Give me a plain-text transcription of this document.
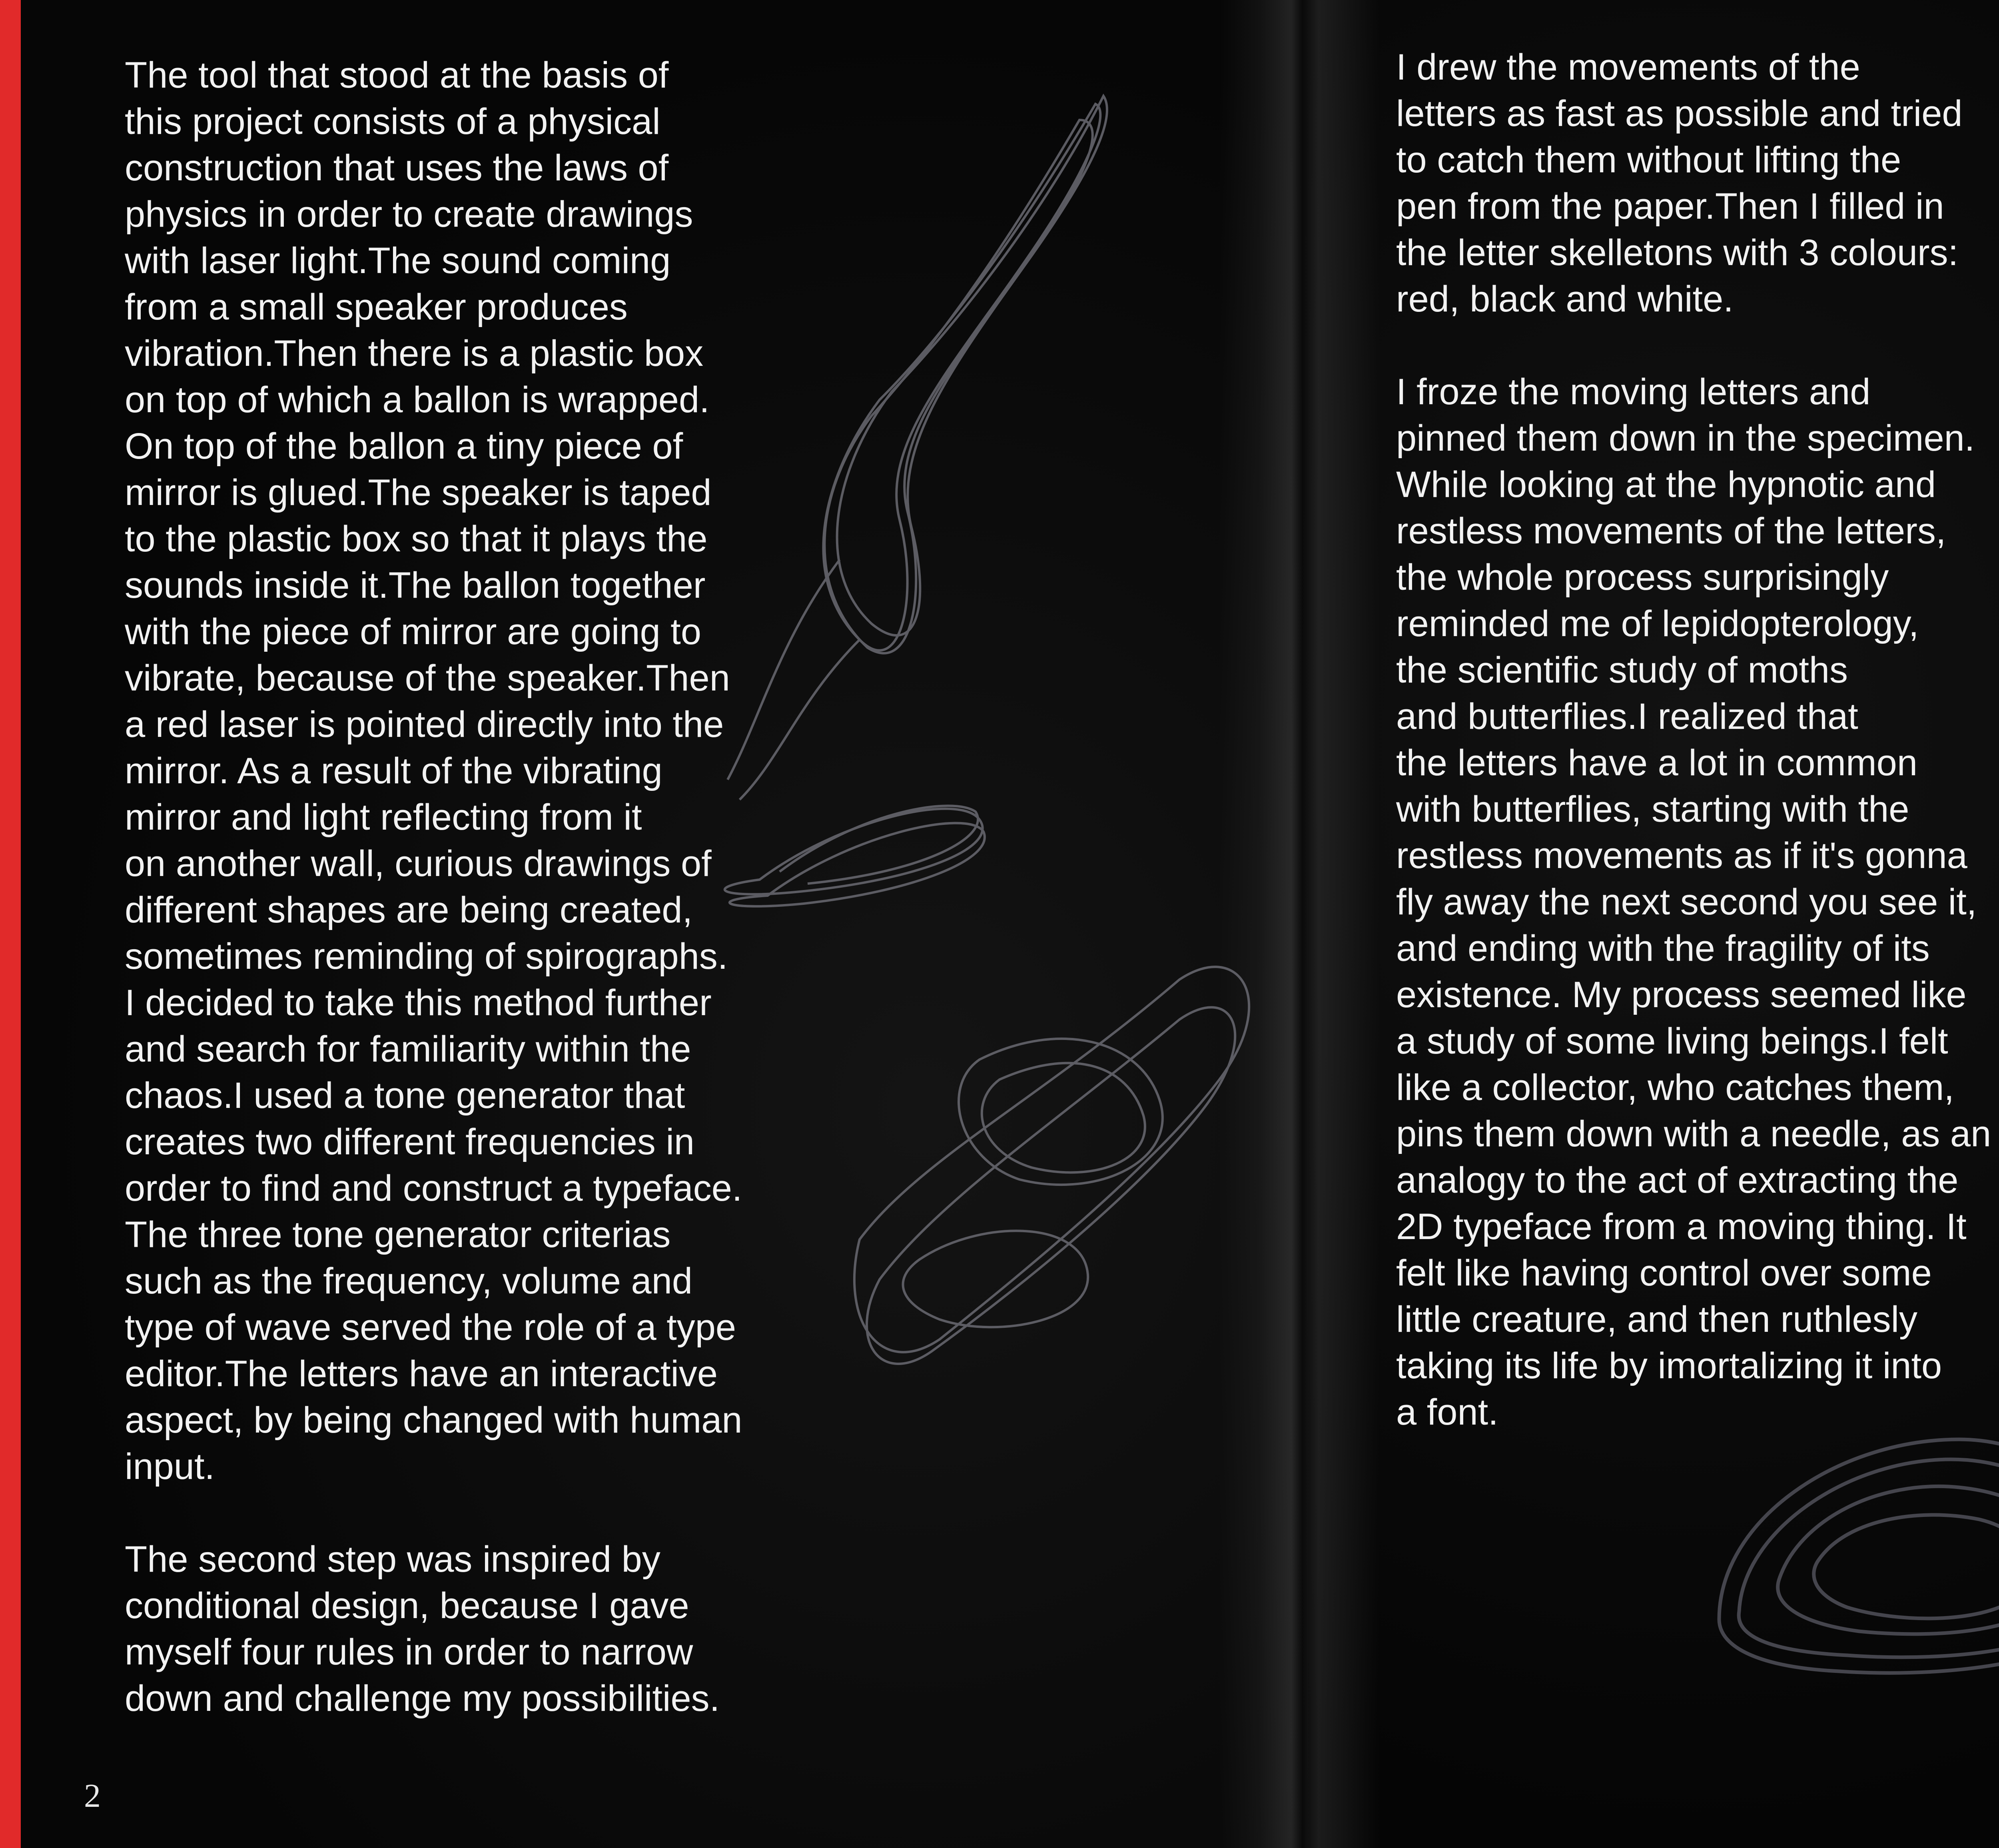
The tool that stood at the basis of
this project consists of a physical
construction that uses the laws of
physics in order to create drawings
with laser light.The sound coming
from a small speaker produces
vibration.Then there is a plastic box
on top of which a ballon is wrapped.
On top of the ballon a tiny piece of
mirror is glued.The speaker is taped
to the plastic box so that it plays the
sounds inside it.The ballon together
with the piece of mirror are going to
vibrate, because of the speaker.Then
a red laser is pointed directly into the
mirror. As a result of the vibrating
mirror and light reflecting from it
on another wall, curious drawings of
different shapes are being created,
sometimes reminding of spirographs.
I decided to take this method further
and search for familiarity within the
chaos.I used a tone generator that
creates two different frequencies in
order to find and construct a typeface.
The three tone generator criterias
such as the frequency, volume and
type of wave served the role of a type
editor.The letters have an interactive
aspect, by being changed with human
input.

The second step was inspired by
conditional design, because I gave
myself four rules in order to narrow
down and challenge my possibilities.

I drew the movements of the
letters as fast as possible and tried
to catch them without lifting the
pen from the paper.Then I filled in
the letter skelletons with 3 colours:
red, black and white.

I froze the moving letters and
pinned them down in the specimen.
While looking at the hypnotic and
restless movements of the letters,
the whole process surprisingly
reminded me of lepidopterology,
the scientific study of moths
and butterflies.I realized that
the letters have a lot in common
with butterflies, starting with the
restless movements as if it's gonna
fly away the next second you see it,
and ending with the fragility of its
existence. My process seemed like
a study of some living beings.I felt
like a collector, who catches them,
pins them down with a needle, as an
analogy to the act of extracting the
2D typeface from a moving thing. It
felt like having control over some
little creature, and then ruthlesly
taking its life by imortalizing it into
a font.

2
